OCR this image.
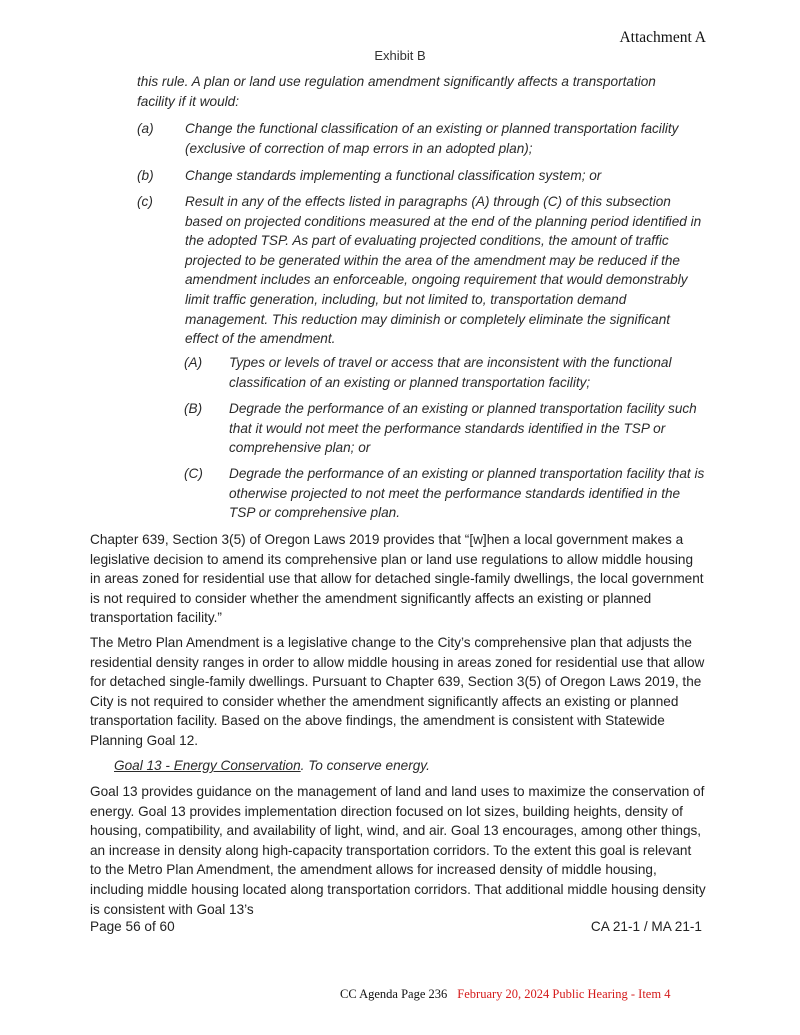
Attachment A
Exhibit B
this rule. A plan or land use regulation amendment significantly affects a transportation facility if it would:
(a) Change the functional classification of an existing or planned transportation facility (exclusive of correction of map errors in an adopted plan);
(b) Change standards implementing a functional classification system; or
(c) Result in any of the effects listed in paragraphs (A) through (C) of this subsection based on projected conditions measured at the end of the planning period identified in the adopted TSP. As part of evaluating projected conditions, the amount of traffic projected to be generated within the area of the amendment may be reduced if the amendment includes an enforceable, ongoing requirement that would demonstrably limit traffic generation, including, but not limited to, transportation demand management. This reduction may diminish or completely eliminate the significant effect of the amendment.
(A) Types or levels of travel or access that are inconsistent with the functional classification of an existing or planned transportation facility;
(B) Degrade the performance of an existing or planned transportation facility such that it would not meet the performance standards identified in the TSP or comprehensive plan; or
(C) Degrade the performance of an existing or planned transportation facility that is otherwise projected to not meet the performance standards identified in the TSP or comprehensive plan.
Chapter 639, Section 3(5) of Oregon Laws 2019 provides that “[w]hen a local government makes a legislative decision to amend its comprehensive plan or land use regulations to allow middle housing in areas zoned for residential use that allow for detached single-family dwellings, the local government is not required to consider whether the amendment significantly affects an existing or planned transportation facility.”
The Metro Plan Amendment is a legislative change to the City’s comprehensive plan that adjusts the residential density ranges in order to allow middle housing in areas zoned for residential use that allow for detached single-family dwellings. Pursuant to Chapter 639, Section 3(5) of Oregon Laws 2019, the City is not required to consider whether the amendment significantly affects an existing or planned transportation facility. Based on the above findings, the amendment is consistent with Statewide Planning Goal 12.
Goal 13 - Energy Conservation. To conserve energy.
Goal 13 provides guidance on the management of land and land uses to maximize the conservation of energy. Goal 13 provides implementation direction focused on lot sizes, building heights, density of housing, compatibility, and availability of light, wind, and air. Goal 13 encourages, among other things, an increase in density along high-capacity transportation corridors. To the extent this goal is relevant to the Metro Plan Amendment, the amendment allows for increased density of middle housing, including middle housing located along transportation corridors. That additional middle housing density is consistent with Goal 13’s
Page 56 of 60	CA 21-1 / MA 21-1
CC Agenda Page 236 February 20, 2024 Public Hearing - Item 4
